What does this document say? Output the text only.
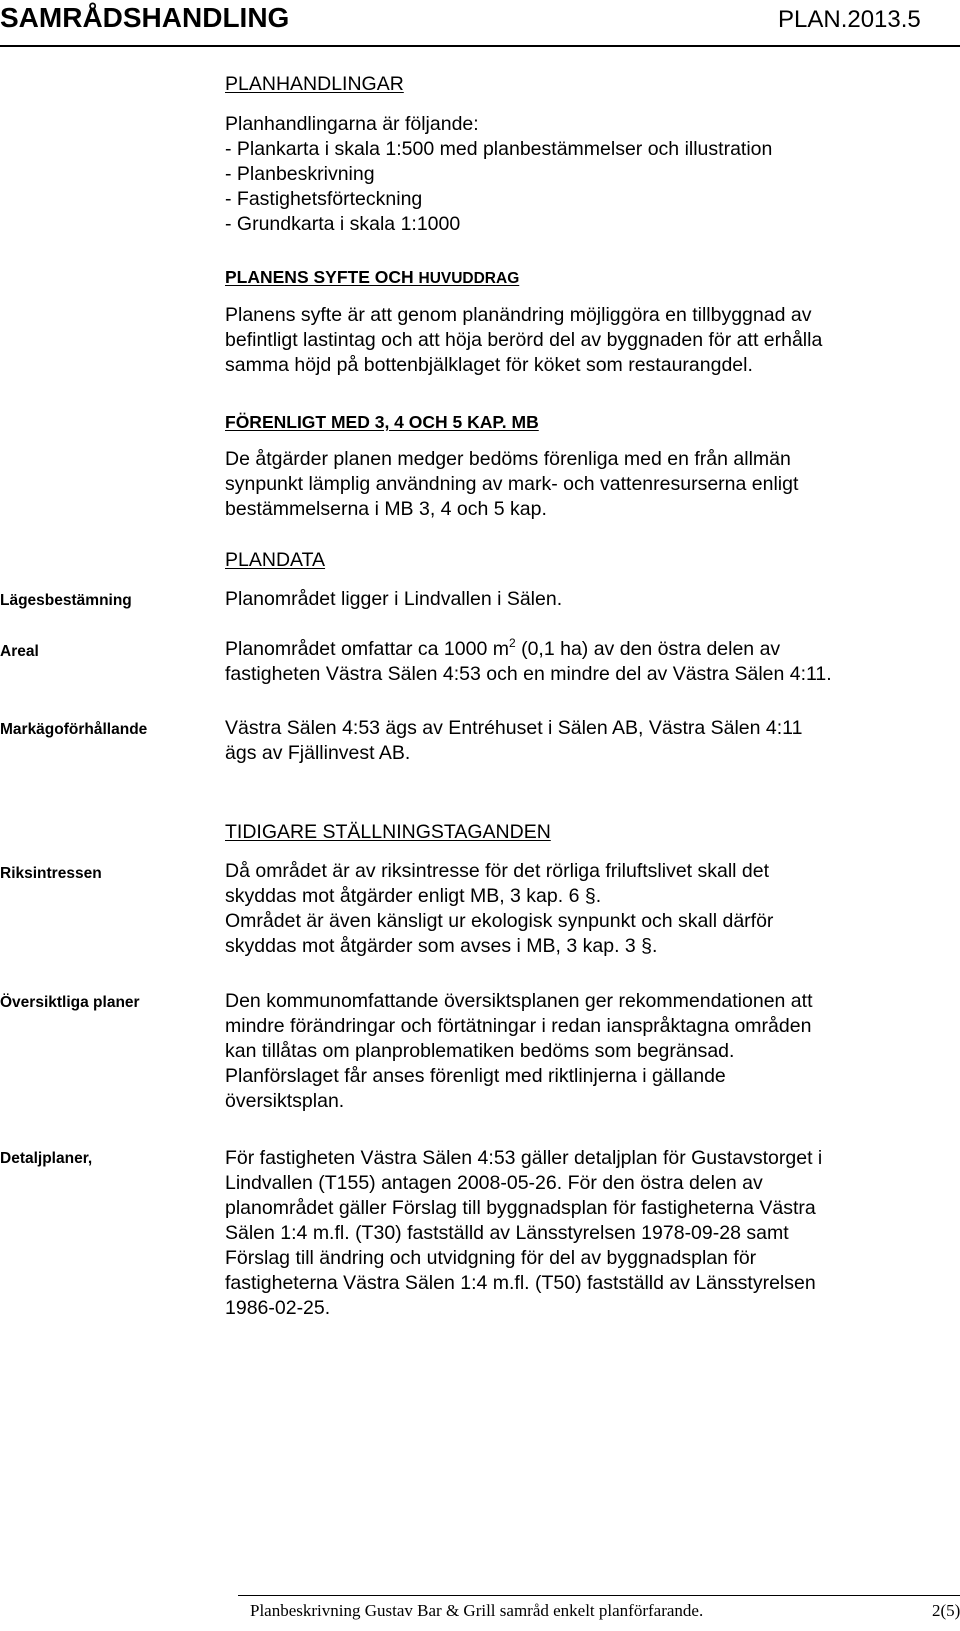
SAMRÅDSHANDLING	PLAN.2013.5
PLANHANDLINGAR
Planhandlingarna är följande:
- Plankarta i skala 1:500 med planbestämmelser och illustration
- Planbeskrivning
- Fastighetsförteckning
- Grundkarta i skala 1:1000
PLANENS SYFTE OCH HUVUDDRAG
Planens syfte är att genom planändring möjliggöra en tillbyggnad av
befintligt lastintag och att höja berörd del av byggnaden för att erhålla
samma höjd på bottenbjälklaget för köket som restaurangdel.
FÖRENLIGT MED 3, 4 OCH 5 KAP. MB
De åtgärder planen medger bedöms förenliga med en från allmän
synpunkt lämplig användning av mark- och vattenresurserna enligt
bestämmelserna i MB 3, 4 och 5 kap.
PLANDATA
Lägesbestämning	Planområdet ligger i Lindvallen i Sälen.
Areal	Planområdet omfattar ca 1000 $m^2$ (0,1 ha) av den östra delen av
fastigheten Västra Sälen 4:53 och en mindre del av Västra Sälen 4:11.
Markägoförhållande	Västra Sälen 4:53 ägs av Entréhuset i Sälen AB, Västra Sälen 4:11
ägs av Fjällinvest AB.
TIDIGARE STÄLLNINGSTAGANDEN
Riksintressen	Då området är av riksintresse för det rörliga friluftslivet skall det
skyddas mot åtgärder enligt MB, 3 kap. 6 §.
Området är även känsligt ur ekologisk synpunkt och skall därför
skyddas mot åtgärder som avses i MB, 3 kap. 3 §.
Översiktliga planer	Den kommunomfattande översiktsplanen ger rekommendationen att
mindre förändringar och förtätningar i redan ianspråktagna områden
kan tillåtas om planproblematiken bedöms som begränsad.
Planförslaget får anses förenligt med riktlinjerna i gällande
översiktsplan.
Detaljplaner,	För fastigheten Västra Sälen 4:53 gäller detaljplan för Gustavstorget i
Lindvallen (T155) antagen 2008-05-26. För den östra delen av
planområdet gäller Förslag till byggnadsplan för fastigheterna Västra
Sälen 1:4 m.fl. (T30) fastställd av Länsstyrelsen 1978-09-28 samt
Förslag till ändring och utvidgning för del av byggnadsplan för
fastigheterna Västra Sälen 1:4 m.fl. (T50) fastställd av Länsstyrelsen
1986-02-25.
Planbeskrivning Gustav Bar & Grill samråd enkelt planförfarande.	2(5)
